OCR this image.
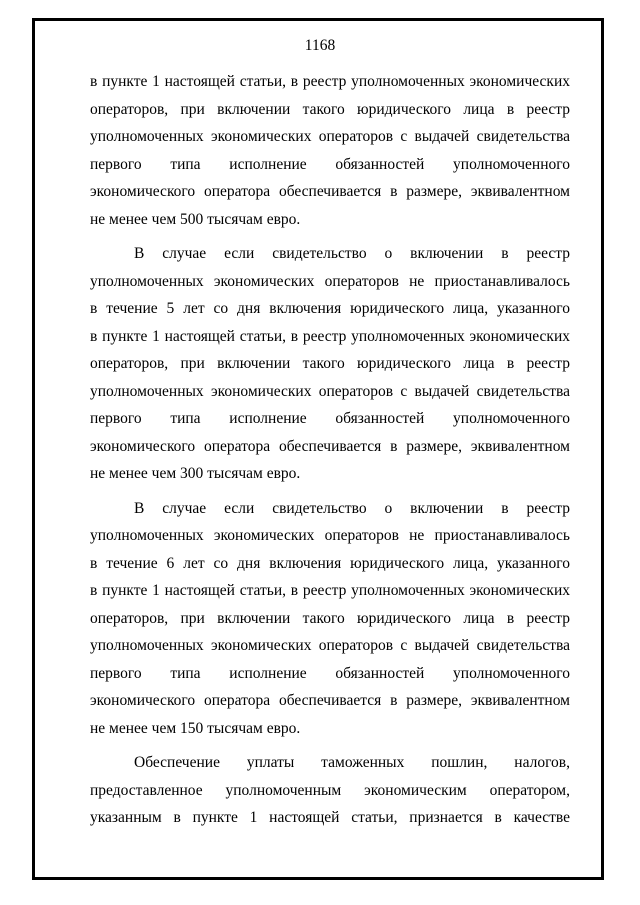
1168
в пункте 1 настоящей статьи, в реестр уполномоченных экономических
операторов, при включении такого юридического лица в реестр
уполномоченных экономических операторов с выдачей свидетельства
первого типа исполнение обязанностей уполномоченного
экономического оператора обеспечивается в размере, эквивалентном
не менее чем 500 тысячам евро.
В случае если свидетельство о включении в реестр
уполномоченных экономических операторов не приостанавливалось
в течение 5 лет со дня включения юридического лица, указанного
в пункте 1 настоящей статьи, в реестр уполномоченных экономических
операторов, при включении такого юридического лица в реестр
уполномоченных экономических операторов с выдачей свидетельства
первого типа исполнение обязанностей уполномоченного
экономического оператора обеспечивается в размере, эквивалентном
не менее чем 300 тысячам евро.
В случае если свидетельство о включении в реестр
уполномоченных экономических операторов не приостанавливалось
в течение 6 лет со дня включения юридического лица, указанного
в пункте 1 настоящей статьи, в реестр уполномоченных экономических
операторов, при включении такого юридического лица в реестр
уполномоченных экономических операторов с выдачей свидетельства
первого типа исполнение обязанностей уполномоченного
экономического оператора обеспечивается в размере, эквивалентном
не менее чем 150 тысячам евро.
Обеспечение уплаты таможенных пошлин, налогов,
предоставленное уполномоченным экономическим оператором,
указанным в пункте 1 настоящей статьи, признается в качестве
